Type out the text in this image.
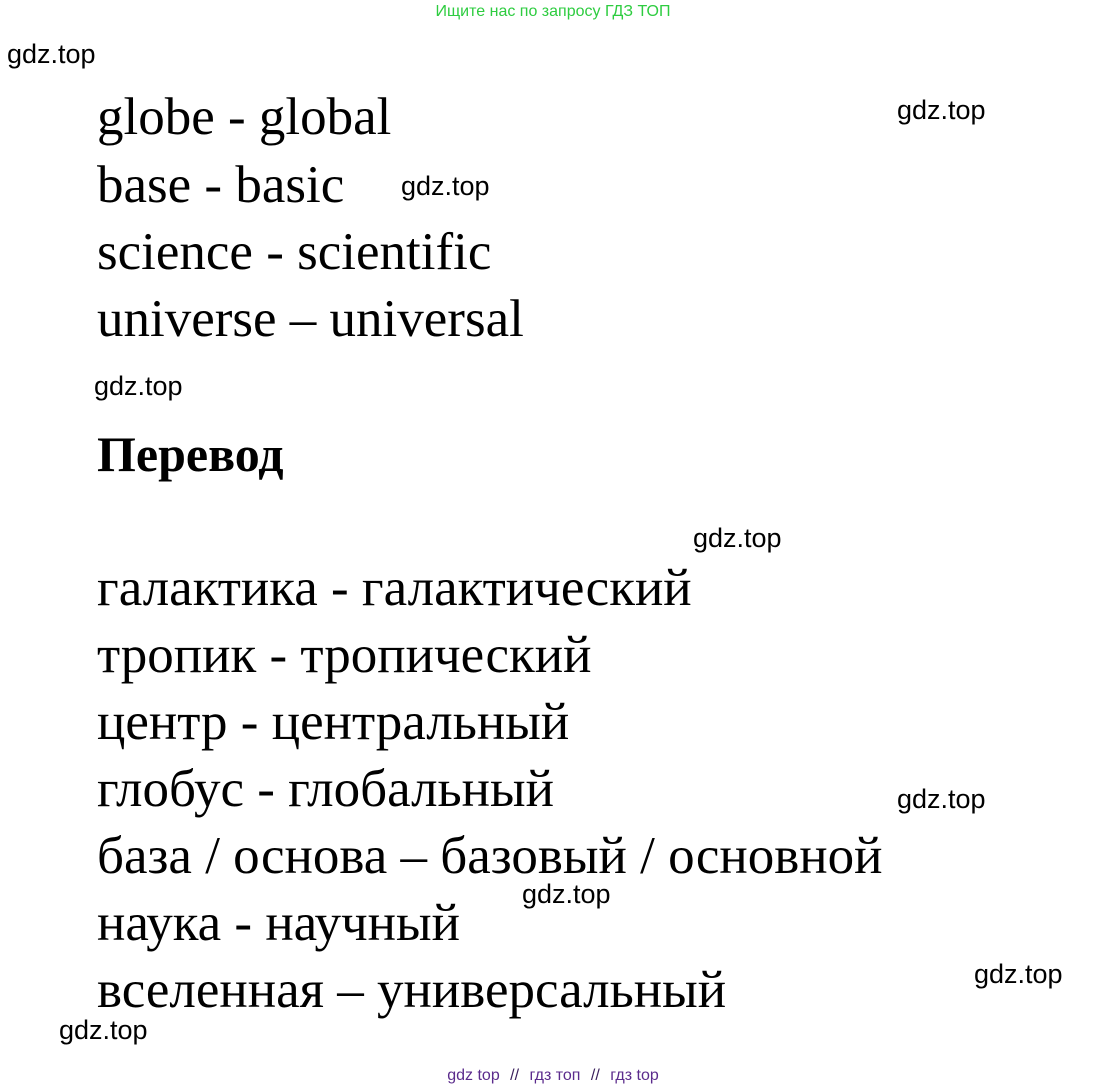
Ищите нас по запросу ГДЗ ТОП
gdz.top
gdz.top
gdz.top
gdz.top
gdz.top
gdz.top
gdz.top
gdz.top
gdz.top
globe - global
base - basic
science - scientific
universe – universal
Перевод
галактика - галактический
тропик - тропический
центр - центральный
глобус - глобальный
база / основа – базовый / основной
наука - научный
вселенная – универсальный
gdz top // гдз топ // гдз top
